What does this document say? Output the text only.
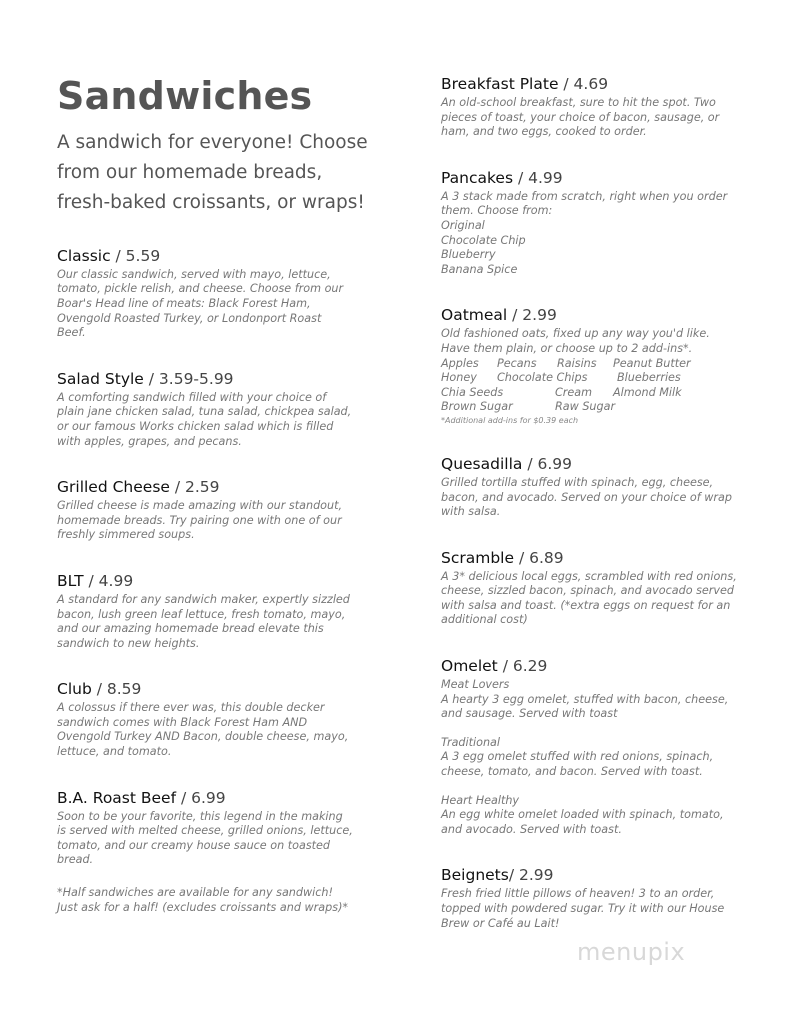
Sandwiches
A sandwich for everyone! Choose
from our homemade breads,
fresh-baked croissants, or wraps!
Classic / 5.59
Our classic sandwich, served with mayo, lettuce,
tomato, pickle relish, and cheese. Choose from our
Boar's Head line of meats: Black Forest Ham,
Ovengold Roasted Turkey, or Londonport Roast
Beef.
Salad Style / 3.59-5.99
A comforting sandwich filled with your choice of
plain jane chicken salad, tuna salad, chickpea salad,
or our famous Works chicken salad which is filled
with apples, grapes, and pecans.
Grilled Cheese / 2.59
Grilled cheese is made amazing with our standout,
homemade breads. Try pairing one with one of our
freshly simmered soups.
BLT / 4.99
A standard for any sandwich maker, expertly sizzled
bacon, lush green leaf lettuce, fresh tomato, mayo,
and our amazing homemade bread elevate this
sandwich to new heights.
Club / 8.59
A colossus if there ever was, this double decker
sandwich comes with Black Forest Ham AND
Ovengold Turkey AND Bacon, double cheese, mayo,
lettuce, and tomato.
B.A. Roast Beef / 6.99
Soon to be your favorite, this legend in the making
is served with melted cheese, grilled onions, lettuce,
tomato, and our creamy house sauce on toasted
bread.
*Half sandwiches are available for any sandwich!
Just ask for a half! (excludes croissants and wraps)*
Breakfast Plate / 4.69
An old-school breakfast, sure to hit the spot. Two
pieces of toast, your choice of bacon, sausage, or
ham, and two eggs, cooked to order.
Pancakes / 4.99
A 3 stack made from scratch, right when you order
them. Choose from:
Original
Chocolate Chip
Blueberry
Banana Spice
Oatmeal / 2.99
Old fashioned oats, fixed up any way you'd like.
Have them plain, or choose up to 2 add-ins*.
Apples	Pecans	Raisins	Peanut Butter
Honey	Chocolate Chips	Blueberries
Chia Seeds	Cream	Almond Milk
Brown Sugar	Raw Sugar
*Additional add-ins for $0.39 each
Quesadilla / 6.99
Grilled tortilla stuffed with spinach, egg, cheese,
bacon, and avocado. Served on your choice of wrap
with salsa.
Scramble / 6.89
A 3* delicious local eggs, scrambled with red onions,
cheese, sizzled bacon, spinach, and avocado served
with salsa and toast. (*extra eggs on request for an
additional cost)
Omelet / 6.29
Meat Lovers
A hearty 3 egg omelet, stuffed with bacon, cheese,
and sausage. Served with toast
Traditional
A 3 egg omelet stuffed with red onions, spinach,
cheese, tomato, and bacon. Served with toast.
Heart Healthy
An egg white omelet loaded with spinach, tomato,
and avocado. Served with toast.
Beignets/ 2.99
Fresh fried little pillows of heaven! 3 to an order,
topped with powdered sugar. Try it with our House
Brew or Café au Lait!
menupix
